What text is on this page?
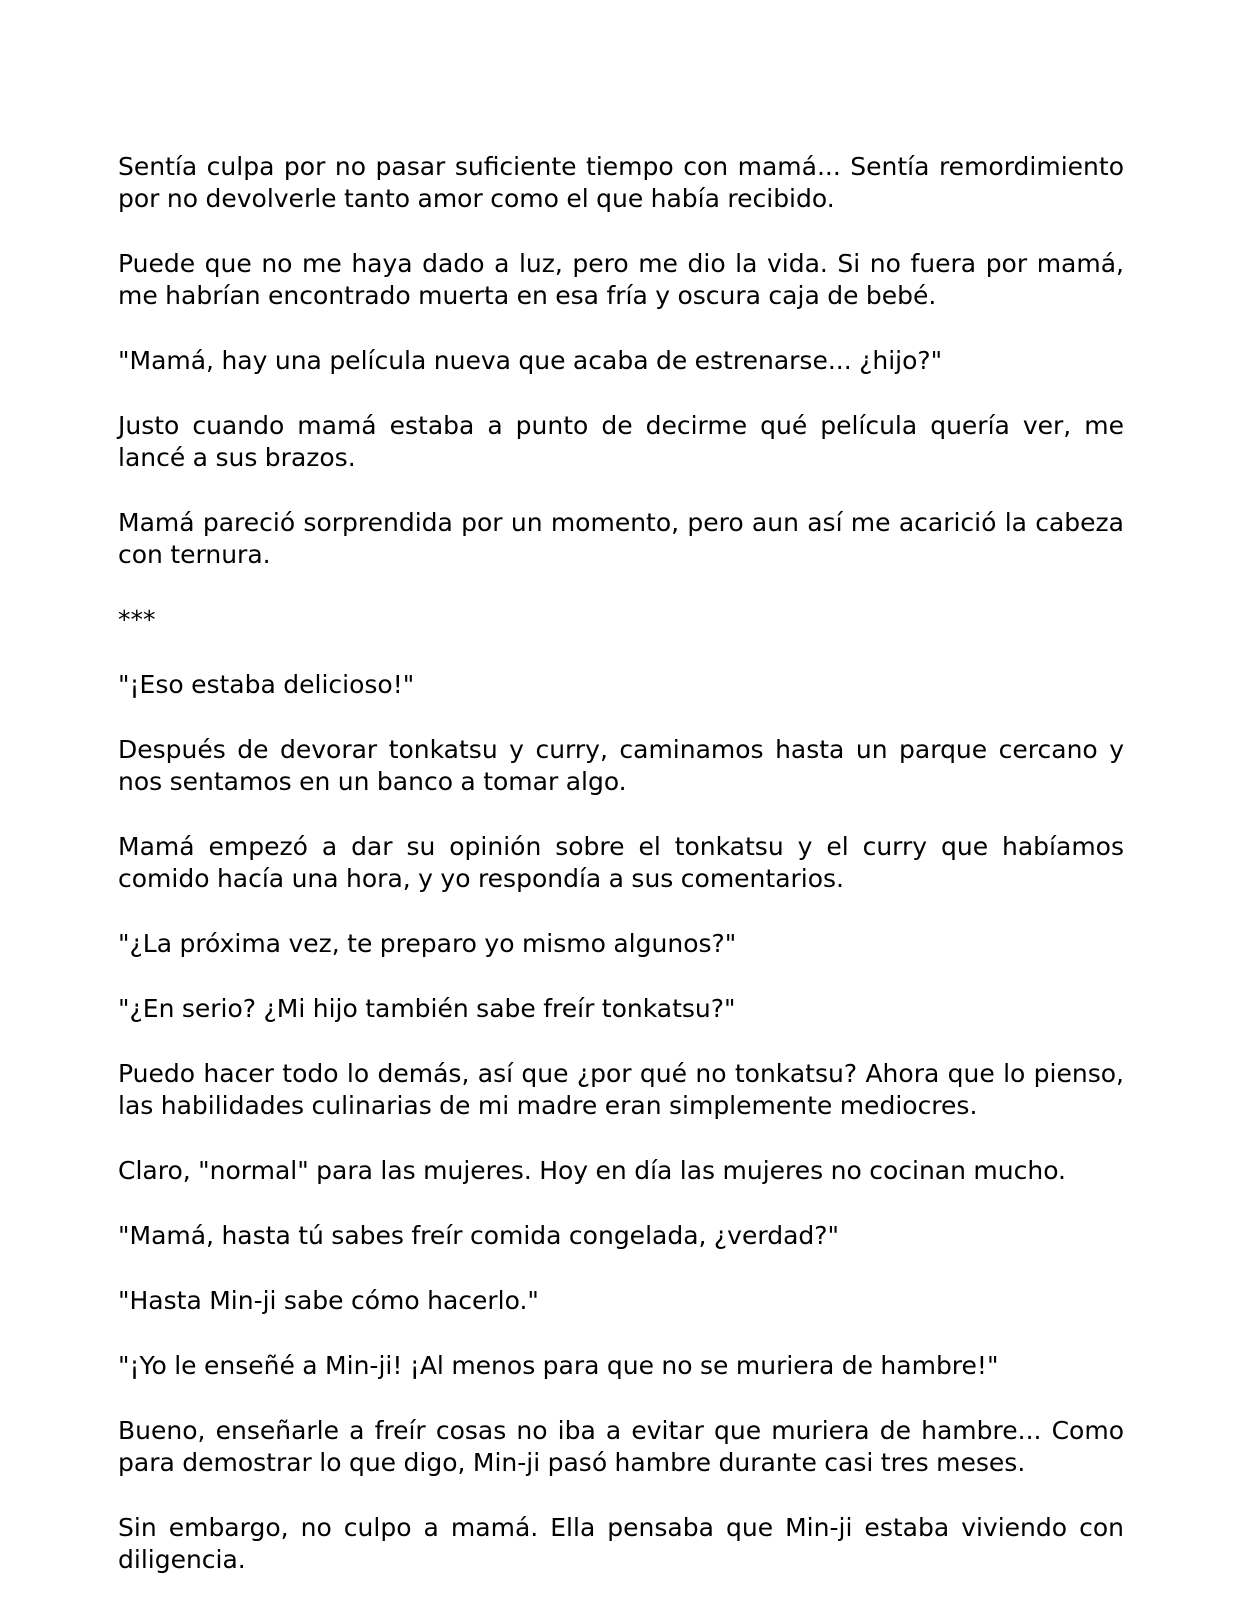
Sentía culpa por no pasar suficiente tiempo con mamá... Sentía remordimiento por no devolverle tanto amor como el que había recibido.

Puede que no me haya dado a luz, pero me dio la vida. Si no fuera por mamá, me habrían encontrado muerta en esa fría y oscura caja de bebé.

"Mamá, hay una película nueva que acaba de estrenarse... ¿hijo?"

Justo cuando mamá estaba a punto de decirme qué película quería ver, me lancé a sus brazos.

Mamá pareció sorprendida por un momento, pero aun así me acarició la cabeza con ternura.

***

"¡Eso estaba delicioso!"

Después de devorar tonkatsu y curry, caminamos hasta un parque cercano y nos sentamos en un banco a tomar algo.

Mamá empezó a dar su opinión sobre el tonkatsu y el curry que habíamos comido hacía una hora, y yo respondía a sus comentarios.

"¿La próxima vez, te preparo yo mismo algunos?"

"¿En serio? ¿Mi hijo también sabe freír tonkatsu?"

Puedo hacer todo lo demás, así que ¿por qué no tonkatsu? Ahora que lo pienso, las habilidades culinarias de mi madre eran simplemente mediocres.

Claro, "normal" para las mujeres. Hoy en día las mujeres no cocinan mucho.

"Mamá, hasta tú sabes freír comida congelada, ¿verdad?"

"Hasta Min-ji sabe cómo hacerlo."

"¡Yo le enseñé a Min-ji! ¡Al menos para que no se muriera de hambre!"

Bueno, enseñarle a freír cosas no iba a evitar que muriera de hambre... Como para demostrar lo que digo, Min-ji pasó hambre durante casi tres meses.

Sin embargo, no culpo a mamá. Ella pensaba que Min-ji estaba viviendo con diligencia.
